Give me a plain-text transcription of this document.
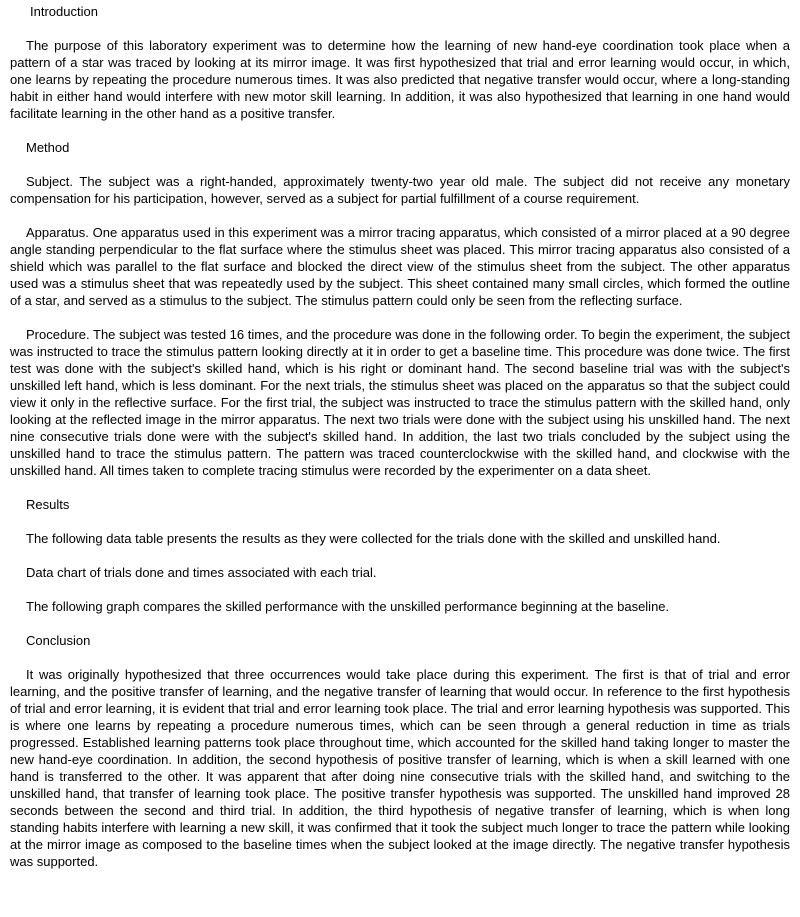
Introduction

The purpose of this laboratory experiment was to determine how the learning of new hand-eye coordination took place when a pattern of a star was traced by looking at its mirror image. It was first hypothesized that trial and error learning would occur, in which, one learns by repeating the procedure numerous times. It was also predicted that negative transfer would occur, where a long-standing habit in either hand would interfere with new motor skill learning. In addition, it was also hypothesized that learning in one hand would facilitate learning in the other hand as a positive transfer.

Method

Subject. The subject was a right-handed, approximately twenty-two year old male. The subject did not receive any monetary compensation for his participation, however, served as a subject for partial fulfillment of a course requirement.

Apparatus. One apparatus used in this experiment was a mirror tracing apparatus, which consisted of a mirror placed at a 90 degree angle standing perpendicular to the flat surface where the stimulus sheet was placed. This mirror tracing apparatus also consisted of a shield which was parallel to the flat surface and blocked the direct view of the stimulus sheet from the subject. The other apparatus used was a stimulus sheet that was repeatedly used by the subject. This sheet contained many small circles, which formed the outline of a star, and served as a stimulus to the subject. The stimulus pattern could only be seen from the reflecting surface.

Procedure. The subject was tested 16 times, and the procedure was done in the following order. To begin the experiment, the subject was instructed to trace the stimulus pattern looking directly at it in order to get a baseline time. This procedure was done twice. The first test was done with the subject's skilled hand, which is his right or dominant hand. The second baseline trial was with the subject's unskilled left hand, which is less dominant. For the next trials, the stimulus sheet was placed on the apparatus so that the subject could view it only in the reflective surface. For the first trial, the subject was instructed to trace the stimulus pattern with the skilled hand, only looking at the reflected image in the mirror apparatus. The next two trials were done with the subject using his unskilled hand. The next nine consecutive trials done were with the subject's skilled hand. In addition, the last two trials concluded by the subject using the unskilled hand to trace the stimulus pattern. The pattern was traced counterclockwise with the skilled hand, and clockwise with the unskilled hand. All times taken to complete tracing stimulus were recorded by the experimenter on a data sheet.

Results

The following data table presents the results as they were collected for the trials done with the skilled and unskilled hand.

Data chart of trials done and times associated with each trial.

The following graph compares the skilled performance with the unskilled performance beginning at the baseline.

Conclusion

It was originally hypothesized that three occurrences would take place during this experiment. The first is that of trial and error learning, and the positive transfer of learning, and the negative transfer of learning that would occur. In reference to the first hypothesis of trial and error learning, it is evident that trial and error learning took place. The trial and error learning hypothesis was supported. This is where one learns by repeating a procedure numerous times, which can be seen through a general reduction in time as trials progressed. Established learning patterns took place throughout time, which accounted for the skilled hand taking longer to master the new hand-eye coordination. In addition, the second hypothesis of positive transfer of learning, which is when a skill learned with one hand is transferred to the other. It was apparent that after doing nine consecutive trials with the skilled hand, and switching to the unskilled hand, that transfer of learning took place. The positive transfer hypothesis was supported. The unskilled hand improved 28 seconds between the second and third trial. In addition, the third hypothesis of negative transfer of learning, which is when long standing habits interfere with learning a new skill, it was confirmed that it took the subject much longer to trace the pattern while looking at the mirror image as composed to the baseline times when the subject looked at the image directly. The negative transfer hypothesis was supported.
